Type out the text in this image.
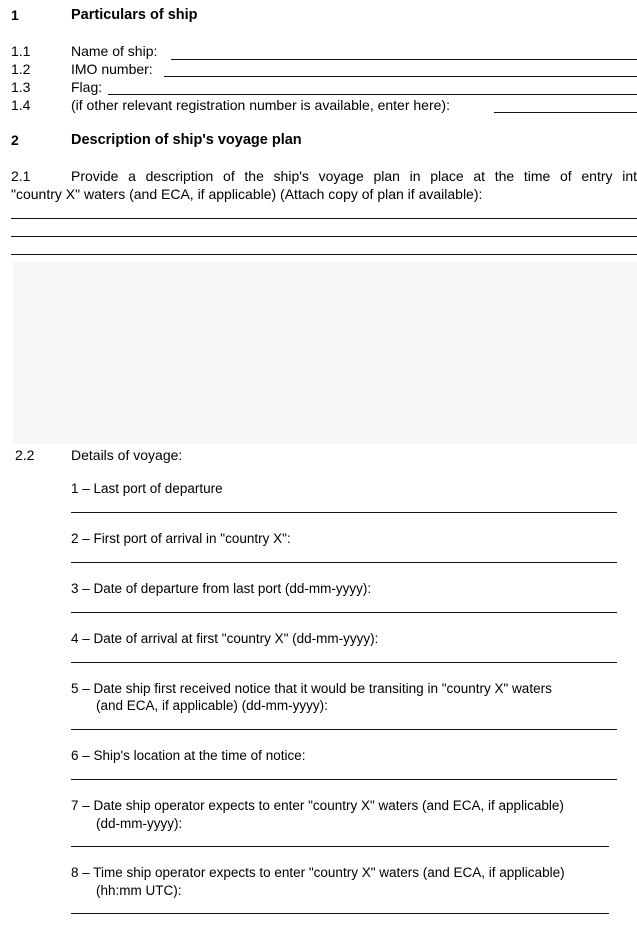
1	Particulars of ship
1.1	Name of ship:
1.2	IMO number:
1.3	Flag:
1.4	(if other relevant registration number is available, enter here):
2	Description of ship's voyage plan
2.1	Provide a description of the ship's voyage plan in place at the time of entry int
"country X" waters (and ECA, if applicable) (Attach copy of plan if available):
2.2	Details of voyage:
1 – Last port of departure
2 – First port of arrival in "country X":
3 – Date of departure from last port (dd-mm-yyyy):
4 – Date of arrival at first "country X" (dd-mm-yyyy):
5 – Date ship first received notice that it would be transiting in "country X" waters
(and ECA, if applicable) (dd-mm-yyyy):
6 – Ship's location at the time of notice:
7 – Date ship operator expects to enter "country X" waters (and ECA, if applicable)
(dd-mm-yyyy):
8 – Time ship operator expects to enter "country X" waters (and ECA, if applicable)
(hh:mm UTC):
